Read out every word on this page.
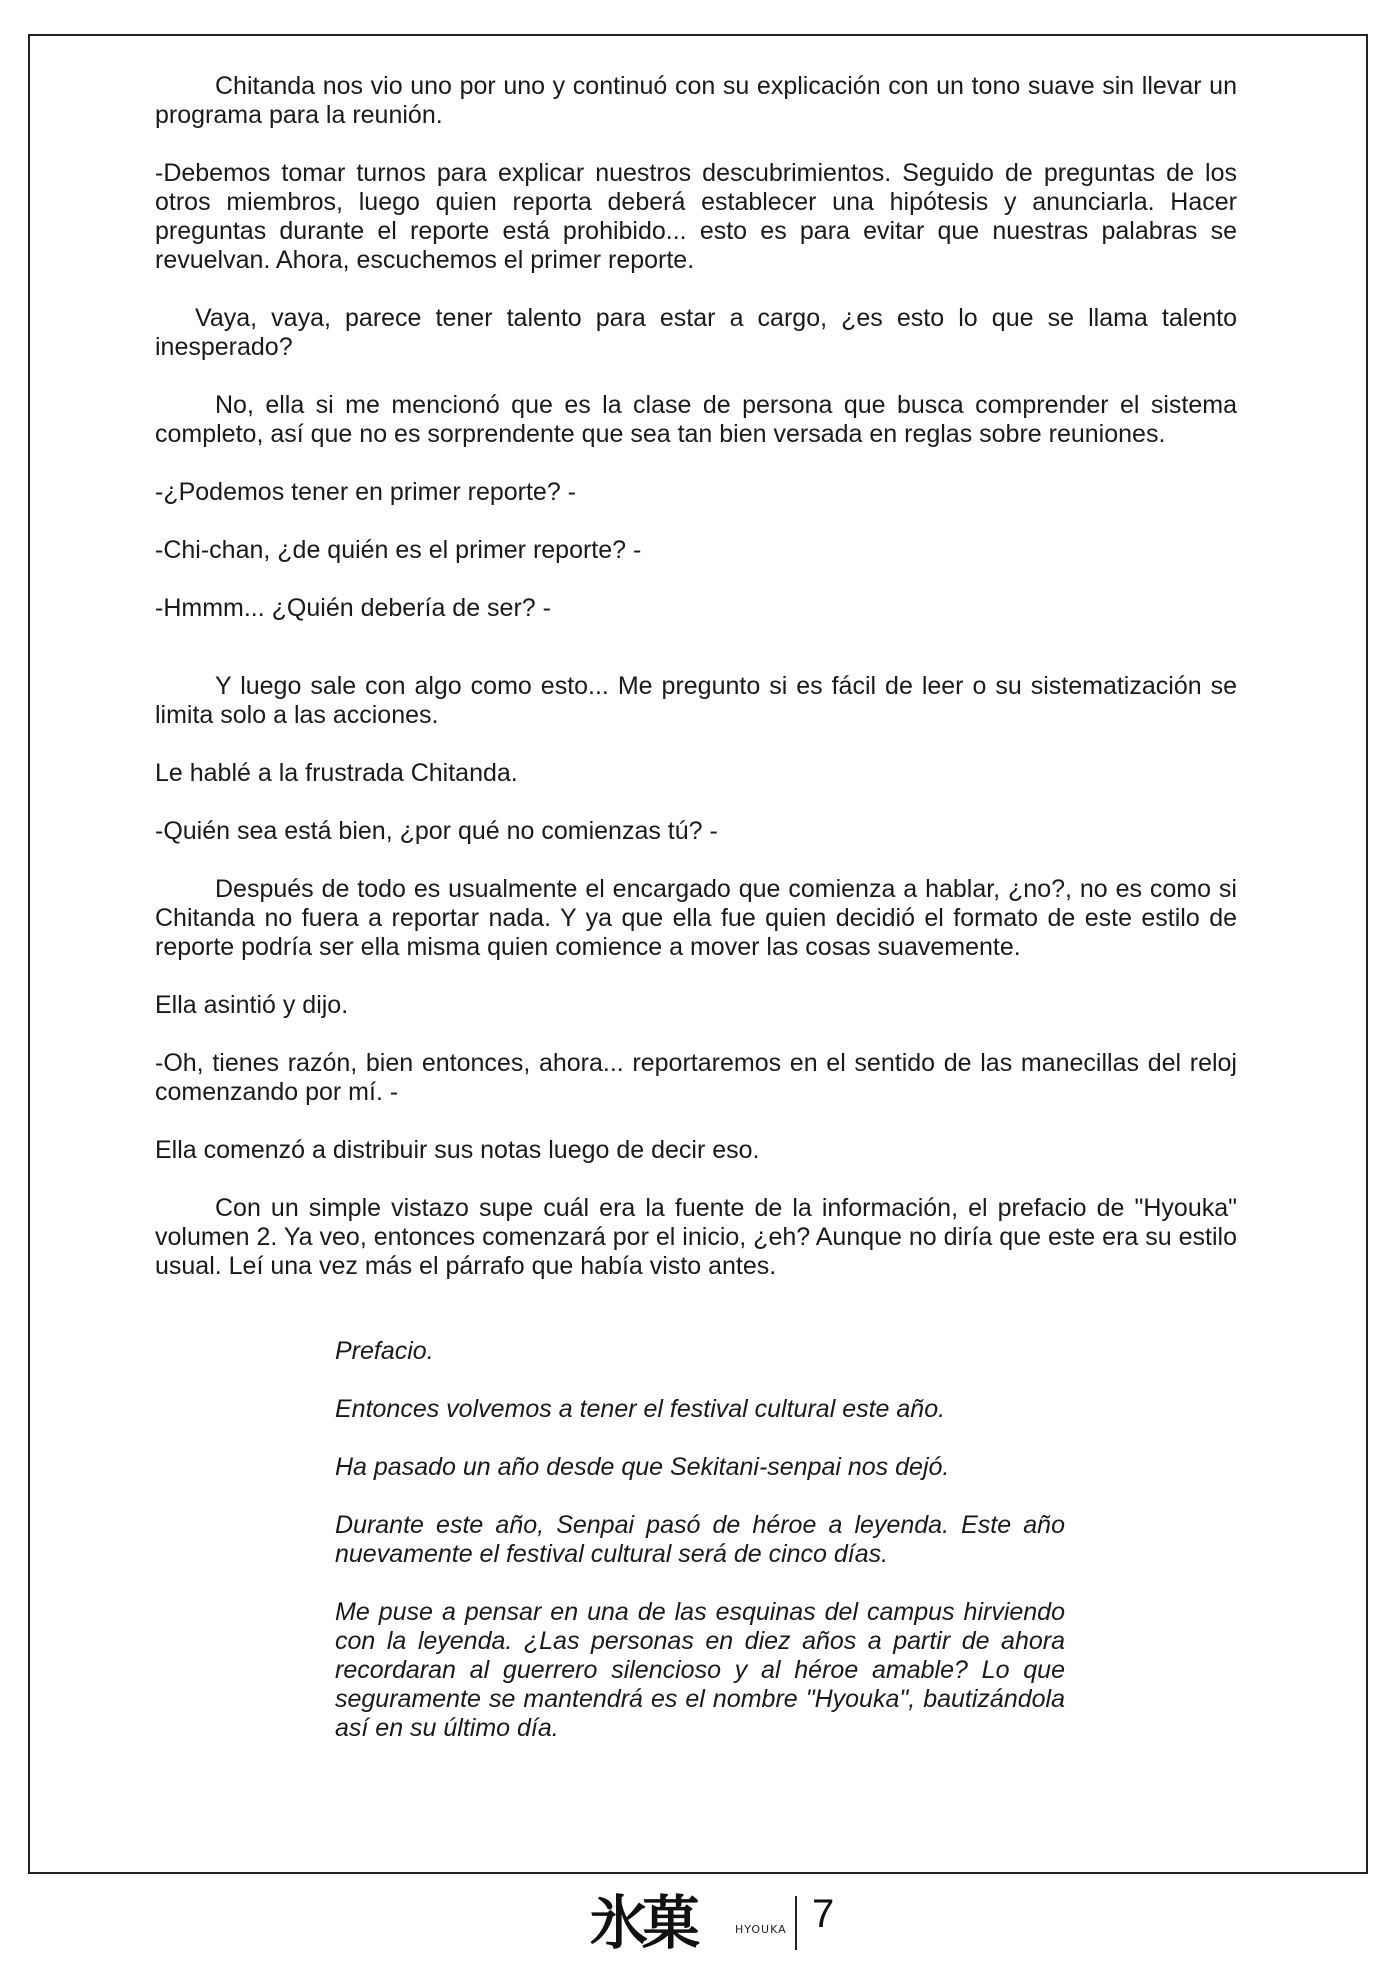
Chitanda nos vio uno por uno y continuó con su explicación con un tono suave sin llevar un programa para la reunión.

-Debemos tomar turnos para explicar nuestros descubrimientos. Seguido de preguntas de los otros miembros, luego quien reporta deberá establecer una hipótesis y anunciarla. Hacer preguntas durante el reporte está prohibido... esto es para evitar que nuestras palabras se revuelvan. Ahora, escuchemos el primer reporte.

Vaya, vaya, parece tener talento para estar a cargo, ¿es esto lo que se llama talento inesperado?

No, ella si me mencionó que es la clase de persona que busca comprender el sistema completo, así que no es sorprendente que sea tan bien versada en reglas sobre reuniones.

-¿Podemos tener en primer reporte? -

-Chi-chan, ¿de quién es el primer reporte? -

-Hmmm... ¿Quién debería de ser? -

Y luego sale con algo como esto... Me pregunto si es fácil de leer o su sistematización se limita solo a las acciones.

Le hablé a la frustrada Chitanda.

-Quién sea está bien, ¿por qué no comienzas tú? -

Después de todo es usualmente el encargado que comienza a hablar, ¿no?, no es como si Chitanda no fuera a reportar nada. Y ya que ella fue quien decidió el formato de este estilo de reporte podría ser ella misma quien comience a mover las cosas suavemente.

Ella asintió y dijo.

-Oh, tienes razón, bien entonces, ahora... reportaremos en el sentido de las manecillas del reloj comenzando por mí. -

Ella comenzó a distribuir sus notas luego de decir eso.

Con un simple vistazo supe cuál era la fuente de la información, el prefacio de "Hyouka" volumen 2. Ya veo, entonces comenzará por el inicio, ¿eh? Aunque no diría que este era su estilo usual. Leí una vez más el párrafo que había visto antes.

Prefacio.

Entonces volvemos a tener el festival cultural este año.

Ha pasado un año desde que Sekitani-senpai nos dejó.

Durante este año, Senpai pasó de héroe a leyenda. Este año nuevamente el festival cultural será de cinco días.

Me puse a pensar en una de las esquinas del campus hirviendo con la leyenda. ¿Las personas en diez años a partir de ahora recordaran al guerrero silencioso y al héroe amable? Lo que seguramente se mantendrá es el nombre "Hyouka", bautizándola así en su último día.

氷菓	HYOUKA 7
